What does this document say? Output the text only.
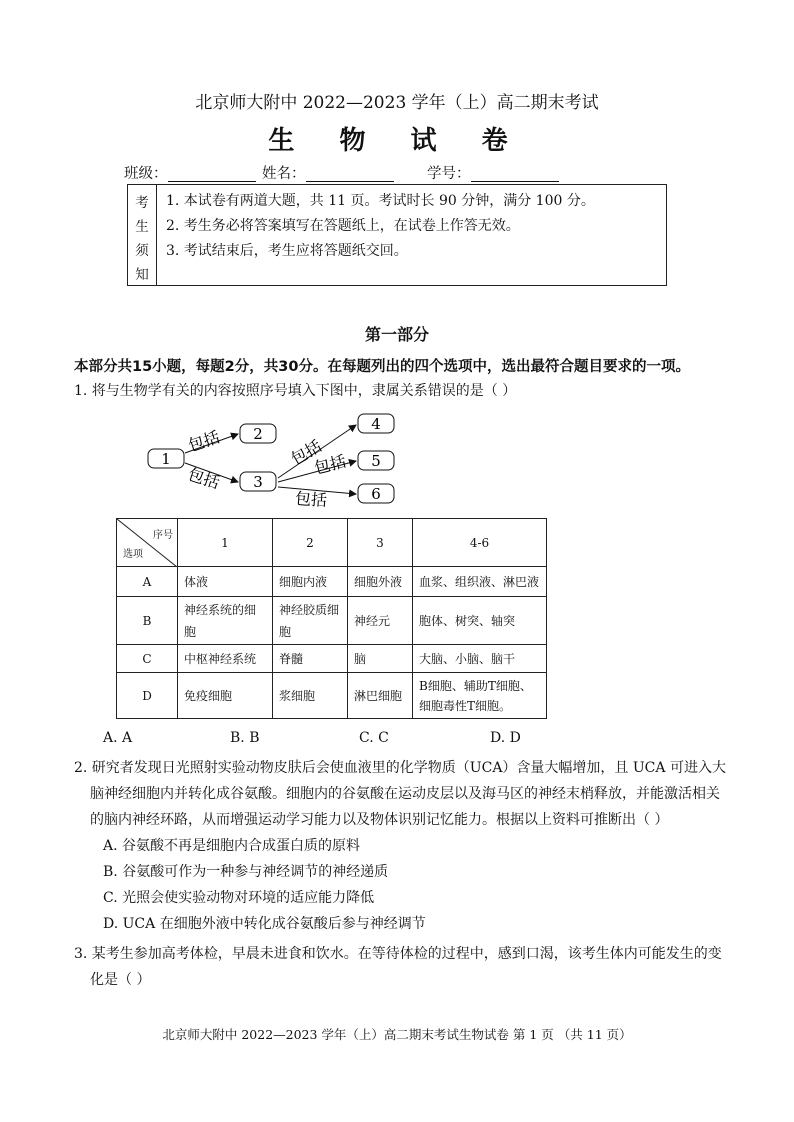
北京师大附中 2022—2023 学年（上）高二期末考试
生 物 试 卷
班级：	姓名：	学号：
考
生
须
知
1. 本试卷有两道大题，共 11 页。考试时长 90 分钟，满分 100 分。
2. 考生务必将答案填写在答题纸上，在试卷上作答无效。
3. 考试结束后，考生应将答题纸交回。
第一部分
本部分共15小题，每题2分，共30分。在每题列出的四个选项中，选出最符合题目要求的一项。
1. 将与生物学有关的内容按照序号填入下图中，隶属关系错误的是（ ）
1
2
3
4
5
6
包括
包括
包括
包括
包括
序号
选项	1	2	3	4-6
A	体液	细胞内液	细胞外液	血浆、组织液、淋巴液
B	神经系统的细胞	神经胶质细胞	神经元	胞体、树突、轴突
C	中枢神经系统	脊髓	脑	大脑、小脑、脑干
D	免疫细胞	浆细胞	淋巴细胞	B细胞、辅助T细胞、细胞毒性T细胞。
A. A	B. B	C. C	D. D
2. 研究者发现日光照射实验动物皮肤后会使血液里的化学物质（UCA）含量大幅增加，且 UCA 可进入大
脑神经细胞内并转化成谷氨酸。细胞内的谷氨酸在运动皮层以及海马区的神经末梢释放，并能激活相关
的脑内神经环路，从而增强运动学习能力以及物体识别记忆能力。根据以上资料可推断出（ ）
A. 谷氨酸不再是细胞内合成蛋白质的原料
B. 谷氨酸可作为一种参与神经调节的神经递质
C. 光照会使实验动物对环境的适应能力降低
D. UCA 在细胞外液中转化成谷氨酸后参与神经调节
3. 某考生参加高考体检，早晨未进食和饮水。在等待体检的过程中，感到口渴，该考生体内可能发生的变
化是（ ）
北京师大附中 2022—2023 学年（上）高二期末考试生物试卷 第 1 页 （共 11 页）
